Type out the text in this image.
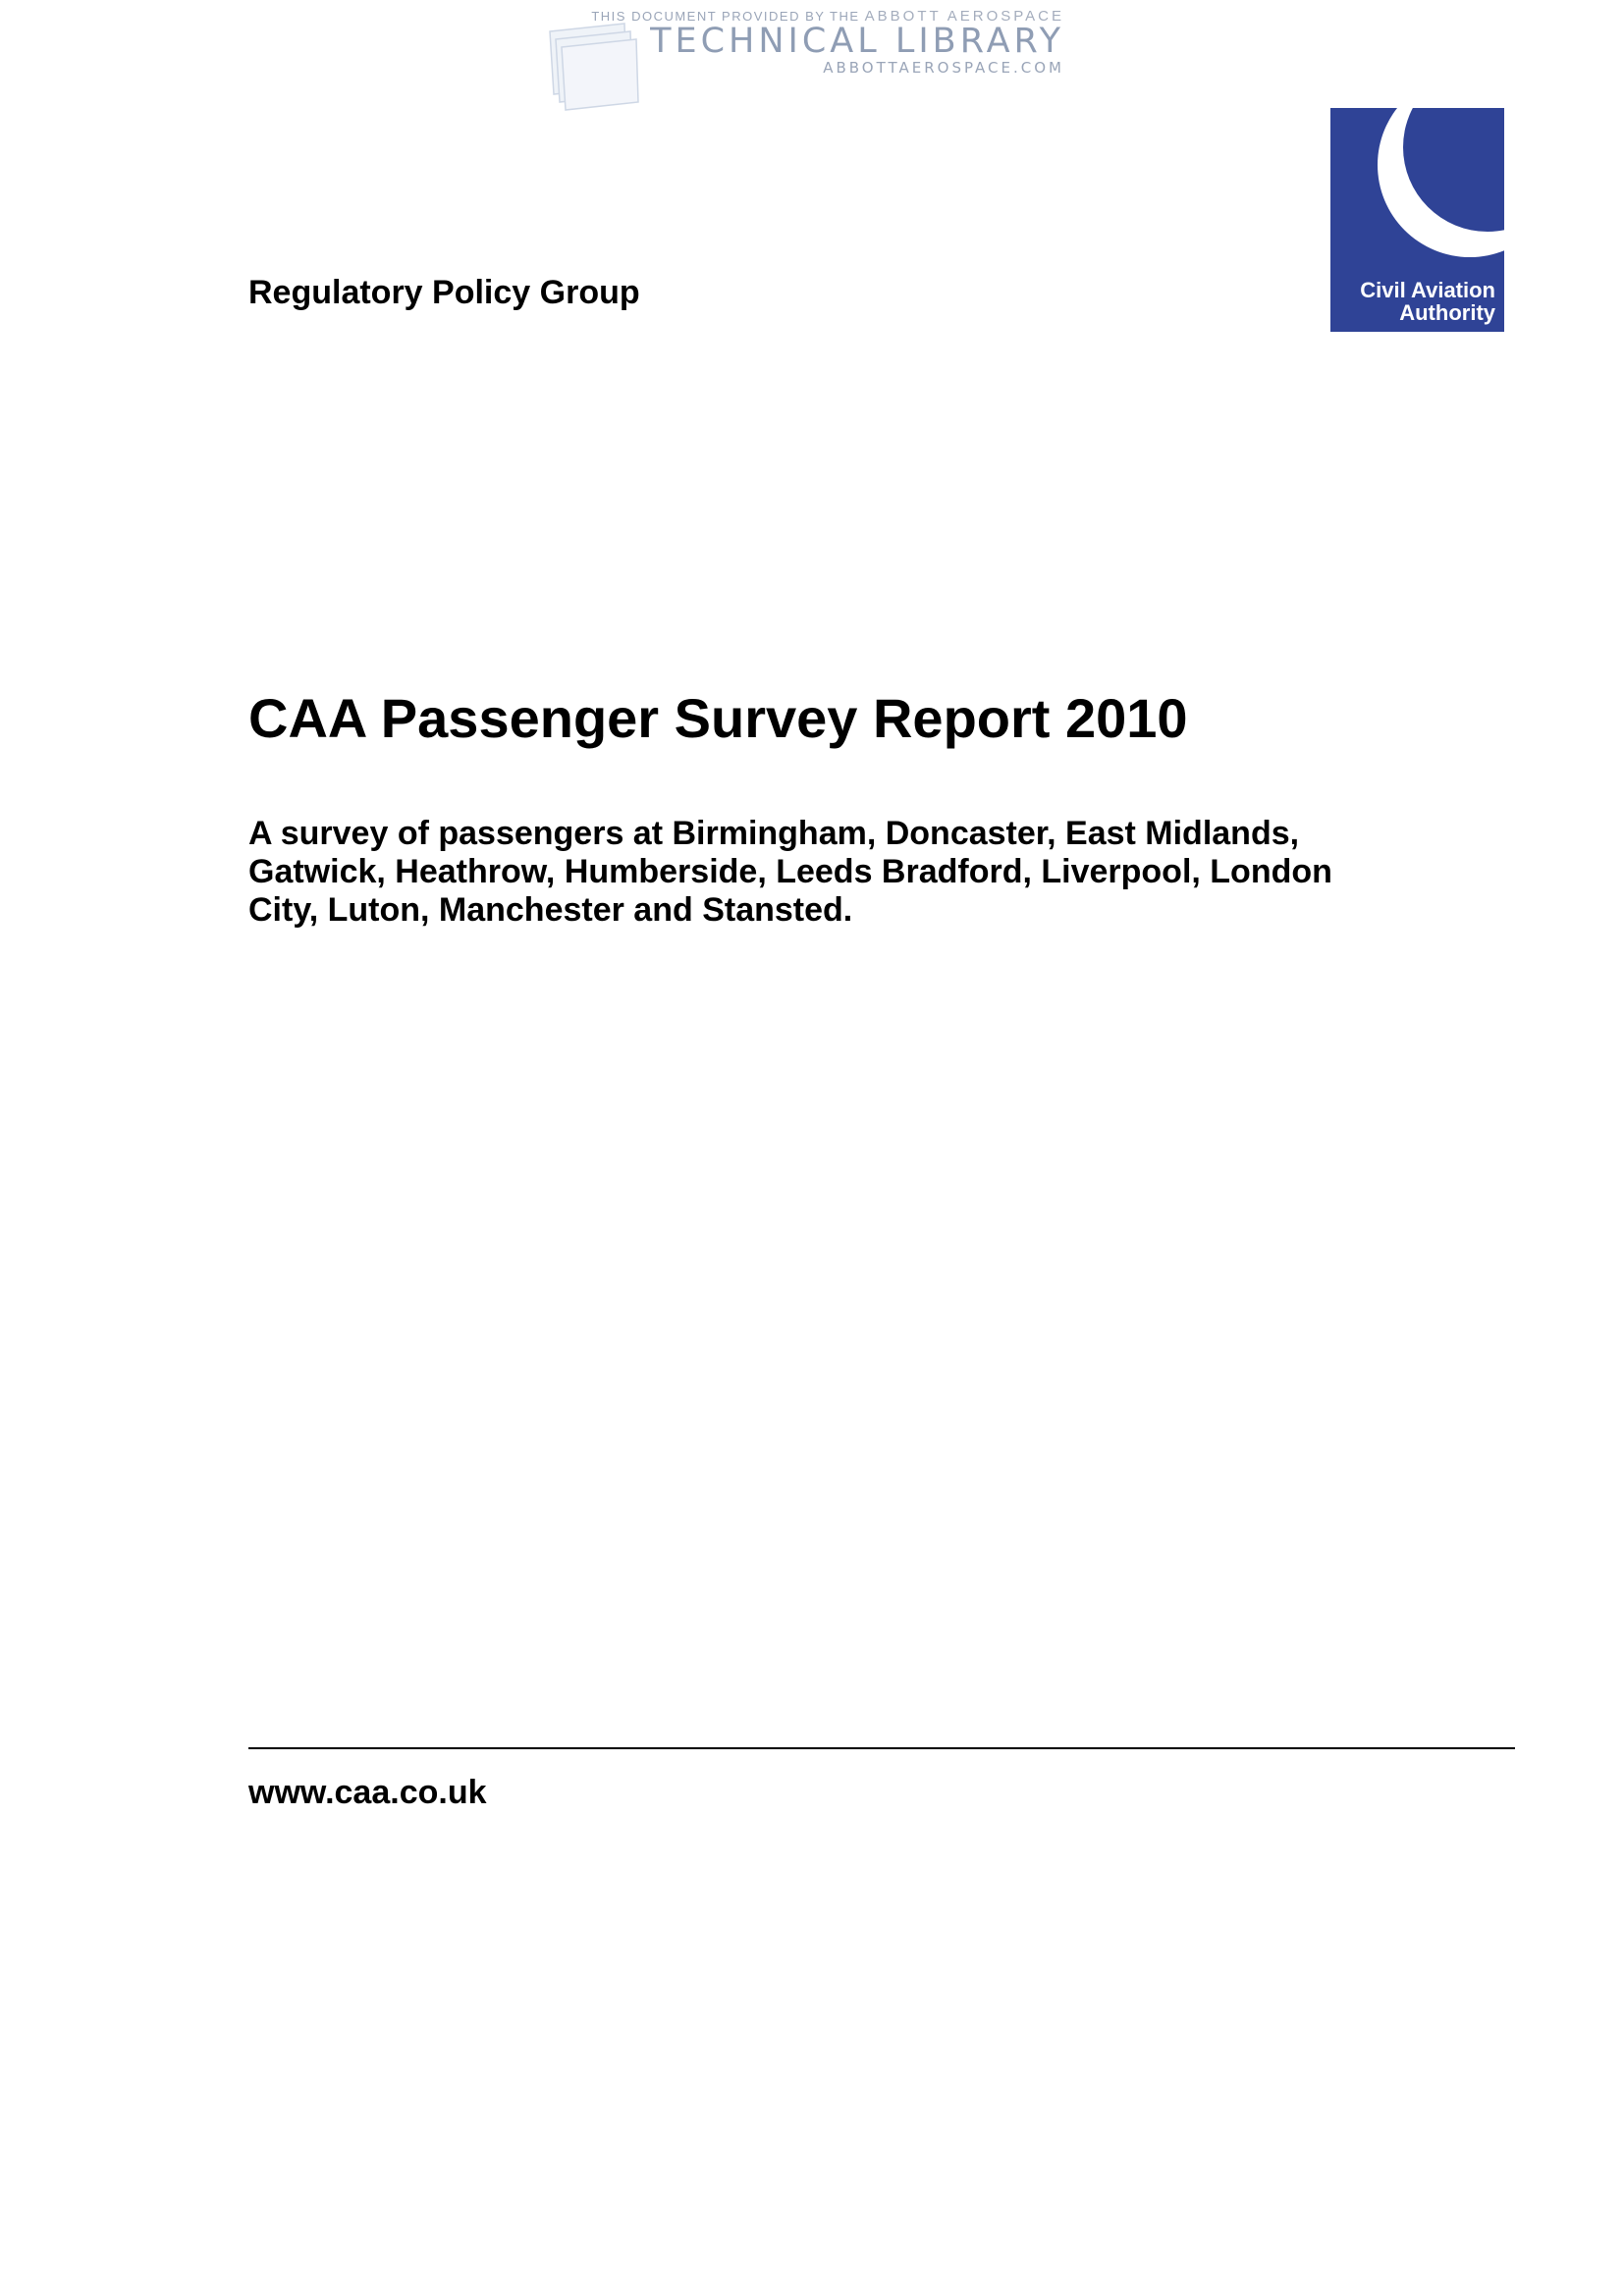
THIS DOCUMENT PROVIDED BY THE ABBOTT AEROSPACE
TECHNICAL LIBRARY
ABBOTTAEROSPACE.COM
Civil Aviation
Authority
Regulatory Policy Group
CAA Passenger Survey Report 2010

A survey of passengers at Birmingham, Doncaster, East Midlands, Gatwick, Heathrow, Humberside, Leeds Bradford, Liverpool, London City, Luton, Manchester and Stansted.

www.caa.co.uk
